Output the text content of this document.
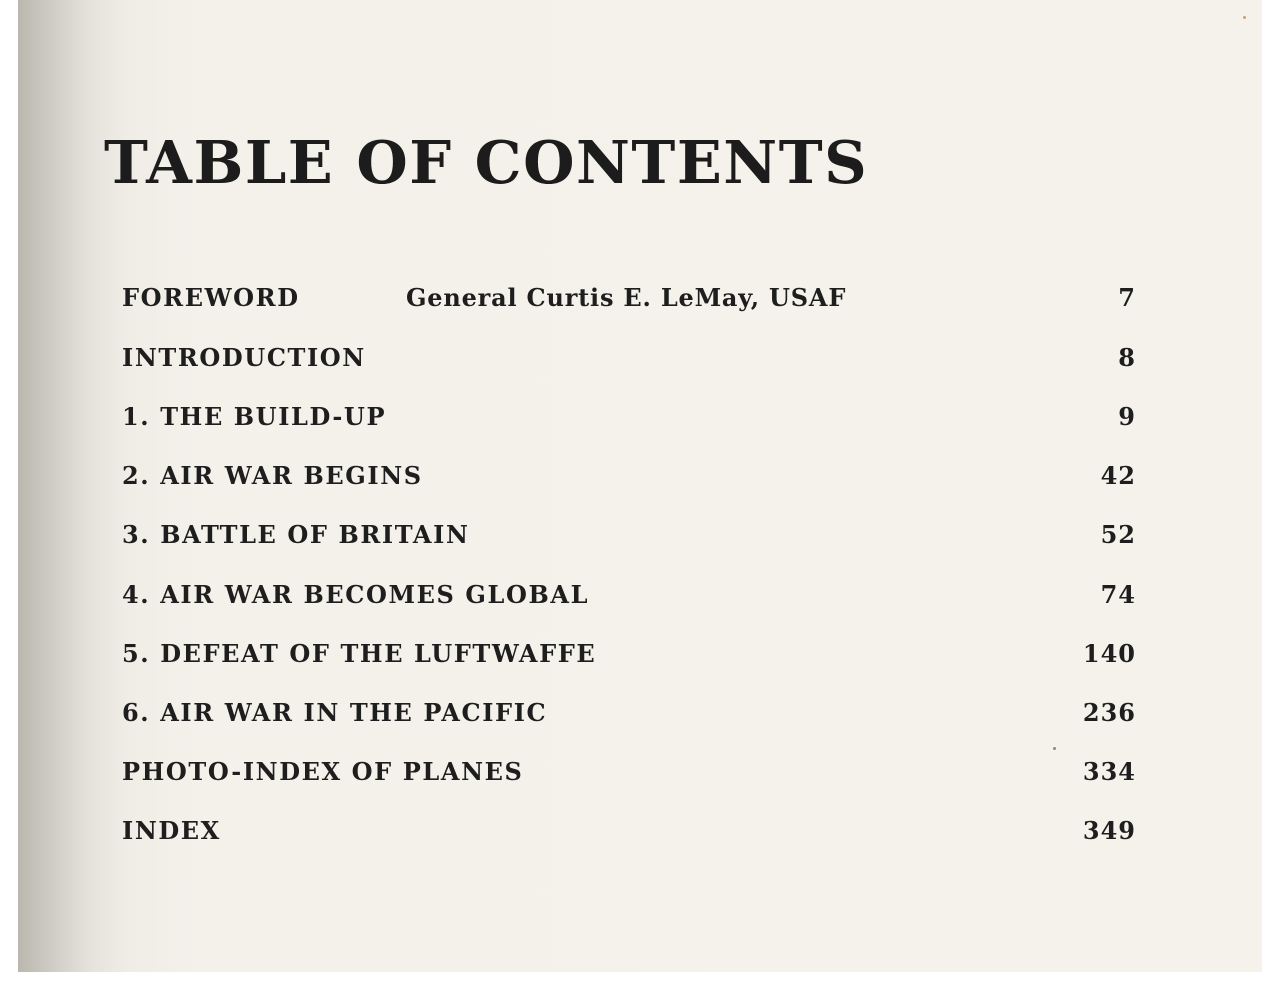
TABLE OF CONTENTS
FOREWORD	General Curtis E. LeMay, USAF	7
INTRODUCTION	8
1. THE BUILD-UP	9
2. AIR WAR BEGINS	42
3. BATTLE OF BRITAIN	52
4. AIR WAR BECOMES GLOBAL	74
5. DEFEAT OF THE LUFTWAFFE	140
6. AIR WAR IN THE PACIFIC	236
PHOTO-INDEX OF PLANES	334
INDEX	349
